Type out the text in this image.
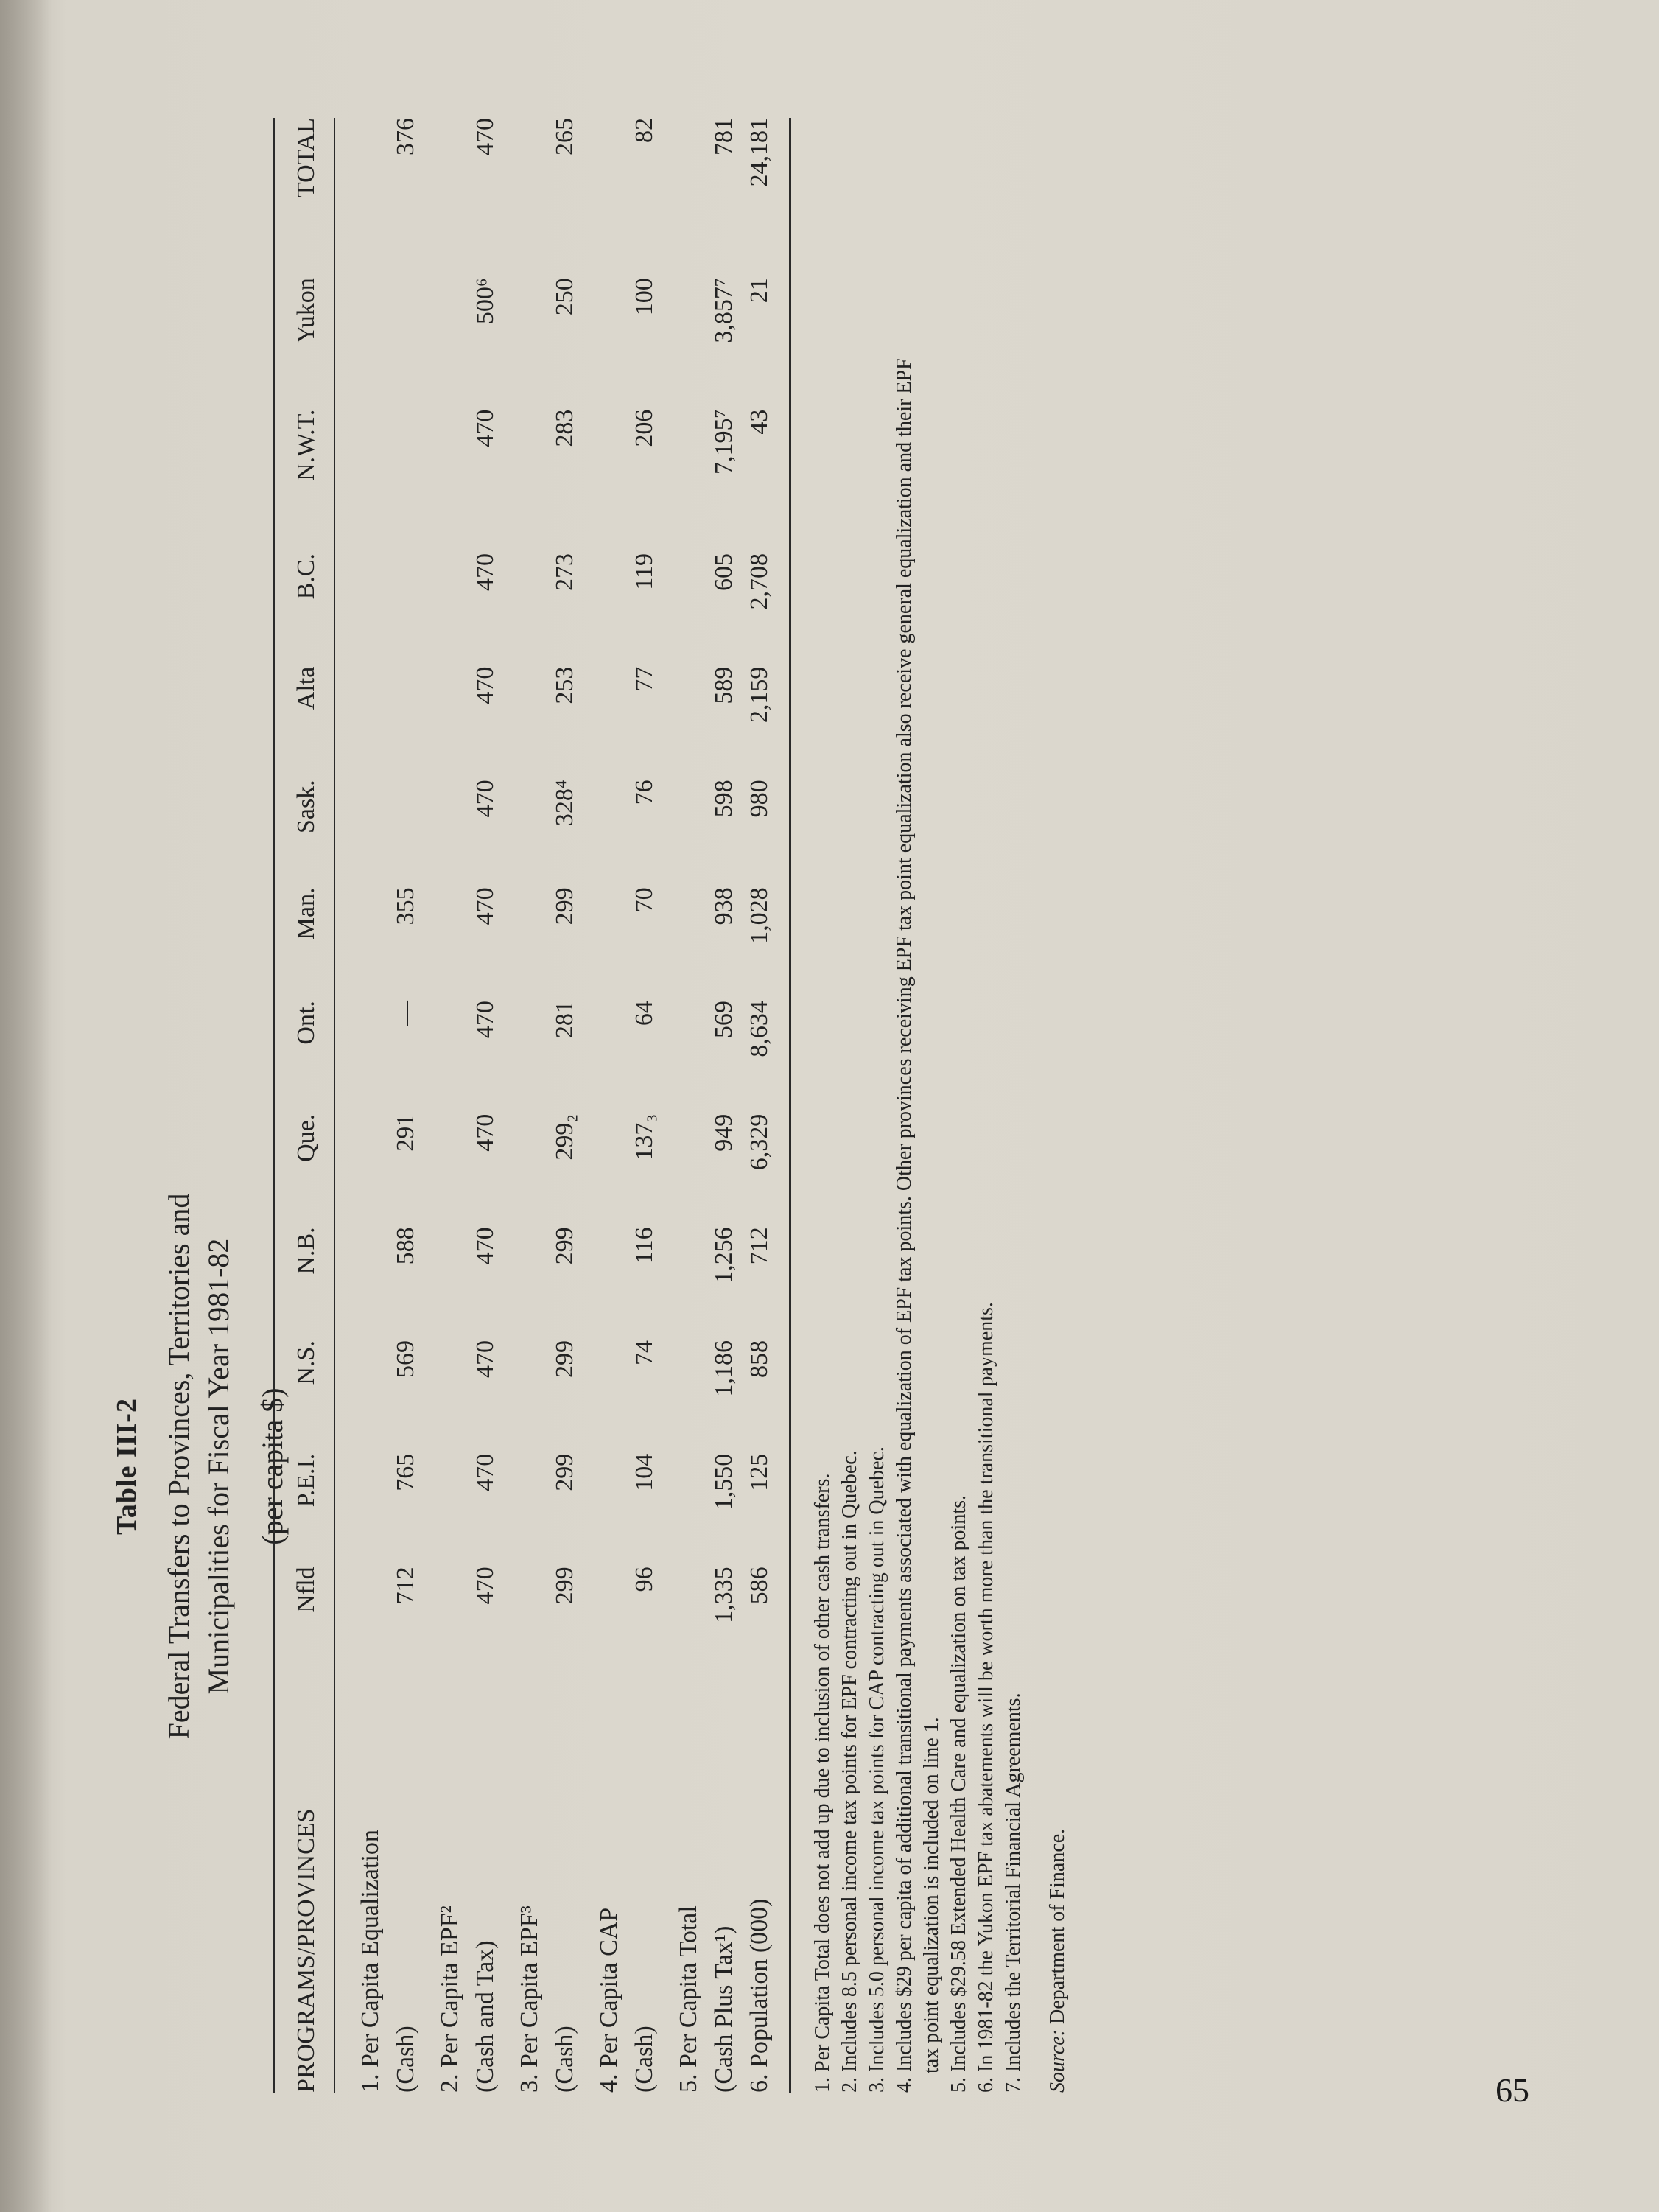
Table III-2 Federal Transfers to Provinces, Territories and Municipalities for Fiscal Year 1981-82 (per capita $)
PROGRAMS/PROVINCES	Nfld	P.E.I.	N.S.	N.B.	Que.	Ont.	Man.	Sask.	Alta	B.C.	N.W.T.	Yukon	TOTAL

1. Per Capita Equalization													
(Cash)	712	765	569	588	291	—	355						376
2. Per Capita EPF²													
(Cash and Tax)	470	470	470	470	470	470	470	470	470	470	470	500⁶	470
3. Per Capita EPF³													
(Cash)	299	299	299	299	299₂	281	299	328⁴	253	273	283	250	265
4. Per Capita CAP													
(Cash)	96	104	74	116	137₃	64	70	76	77	119	206	100	82
5. Per Capita Total													
(Cash Plus Tax¹)	1,335	1,550	1,186	1,256	949	569	938	598	589	605	7,195⁷	3,857⁷	781
6. Population (000)	586	125	858	712	6,329	8,634	1,028	980	2,159	2,708	43	21	24,181

1. Per Capita Total does not add up due to inclusion of other cash transfers. 2. Includes 8.5 personal income tax points for EPF contracting out in Quebec. 3. Includes 5.0 personal income tax points for CAP contracting out in Quebec. 4. Includes $29 per capita of additional transitional payments associated with equalization of EPF tax points. Other provinces receiving EPF tax point equalization also receive general equalization and their EPF tax point equalization is included on line 1. 5. Includes $29.58 Extended Health Care and equalization on tax points. 6. In 1981-82 the Yukon EPF tax abatements will be worth more than the transitional payments. 7. Includes the Territorial Financial Agreements. Source: Department of Finance.
65
